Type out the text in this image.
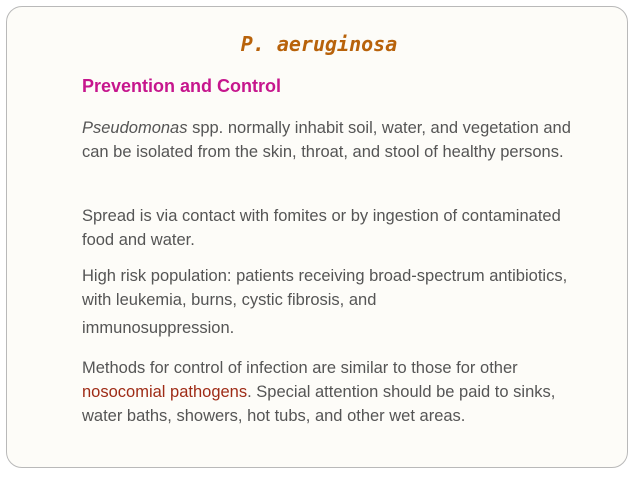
P. aeruginosa
Prevention and Control

Pseudomonas spp. normally inhabit soil, water, and vegetation and can be isolated from the skin, throat, and stool of healthy persons.

Spread is via contact with fomites or by ingestion of contaminated food and water.

High risk population: patients receiving broad-spectrum antibiotics, with leukemia, burns, cystic fibrosis, and
immunosuppression.

Methods for control of infection are similar to those for other nosocomial pathogens. Special attention should be paid to sinks, water baths, showers, hot tubs, and other wet areas.
